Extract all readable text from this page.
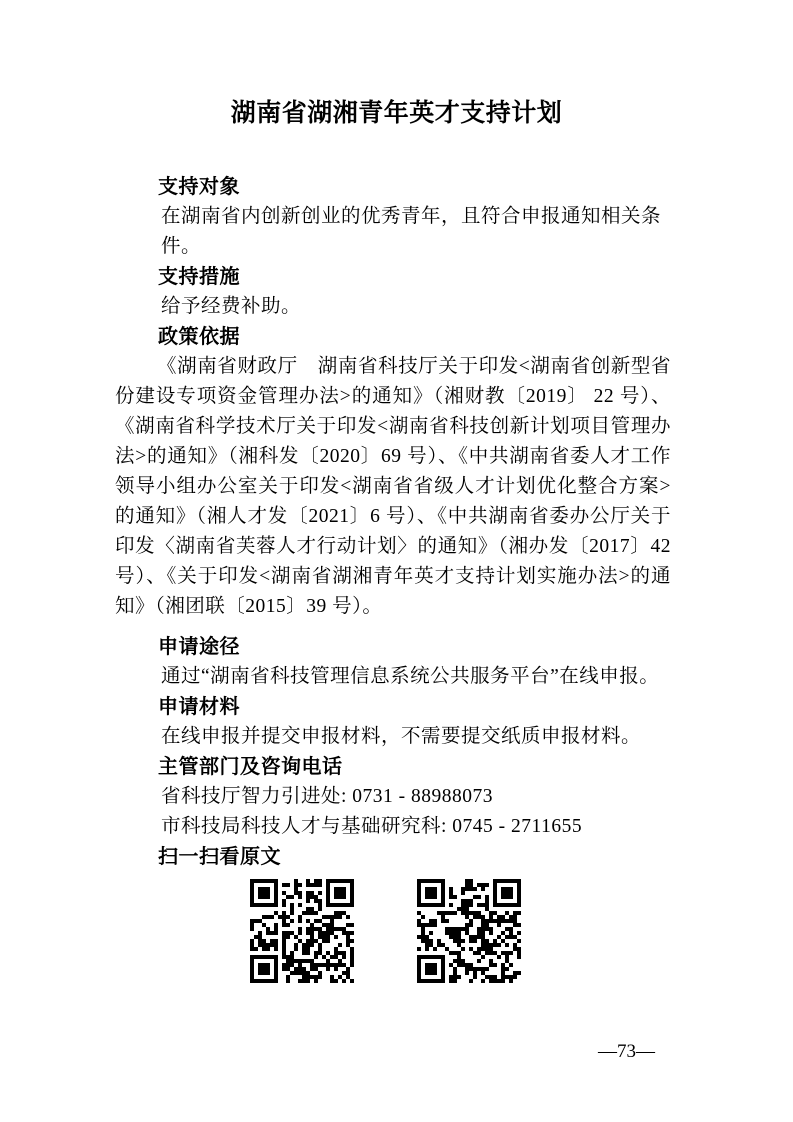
湖南省湖湘青年英才支持计划
支持对象
在湖南省内创新创业的优秀青年，且符合申报通知相关条件。
支持措施
给予经费补助。
政策依据
《湖南省财政厅　湖南省科技厅关于印发<湖南省创新型省份建设专项资金管理办法>的通知》（湘财教〔2019〕 22 号）、《湖南省科学技术厅关于印发<湖南省科技创新计划项目管理办法>的通知》（湘科发〔2020〕69 号）、《中共湖南省委人才工作领导小组办公室关于印发<湖南省省级人才计划优化整合方案>的通知》（湘人才发〔2021〕6 号）、《中共湖南省委办公厅关于印发〈湖南省芙蓉人才行动计划〉的通知》（湘办发〔2017〕42 号）、《关于印发<湖南省湖湘青年英才支持计划实施办法>的通知》（湘团联〔2015〕39 号）。
申请途径
通过“湖南省科技管理信息系统公共服务平台”在线申报。
申请材料
在线申报并提交申报材料，不需要提交纸质申报材料。
主管部门及咨询电话
省科技厅智力引进处: 0731 - 88988073
市科技局科技人才与基础研究科: 0745 - 2711655
扫一扫看原文
—73—
